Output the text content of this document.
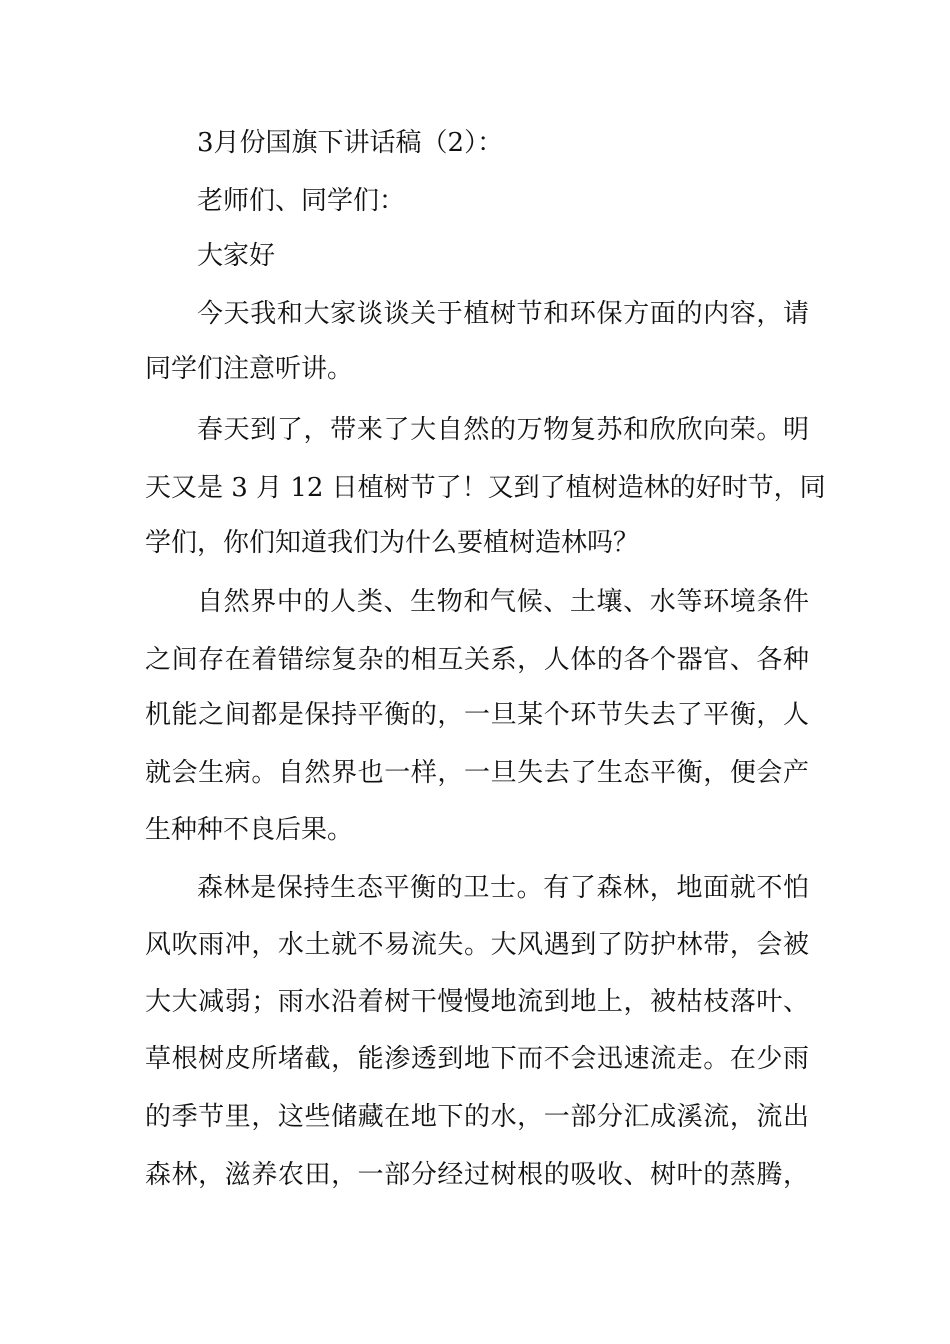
3月份国旗下讲话稿（2）：
老师们、同学们：
大家好
今天我和大家谈谈关于植树节和环保方面的内容，请
同学们注意听讲。
春天到了，带来了大自然的万物复苏和欣欣向荣。明
天又是 3 月 12 日植树节了！又到了植树造林的好时节，同
学们，你们知道我们为什么要植树造林吗？
自然界中的人类、生物和气候、土壤、水等环境条件
之间存在着错综复杂的相互关系，人体的各个器官、各种
机能之间都是保持平衡的，一旦某个环节失去了平衡，人
就会生病。自然界也一样，一旦失去了生态平衡，便会产
生种种不良后果。
森林是保持生态平衡的卫士。有了森林，地面就不怕
风吹雨冲，水土就不易流失。大风遇到了防护林带，会被
大大减弱；雨水沿着树干慢慢地流到地上，被枯枝落叶、
草根树皮所堵截，能渗透到地下而不会迅速流走。在少雨
的季节里，这些储藏在地下的水，一部分汇成溪流，流出
森林，滋养农田，一部分经过树根的吸收、树叶的蒸腾，
